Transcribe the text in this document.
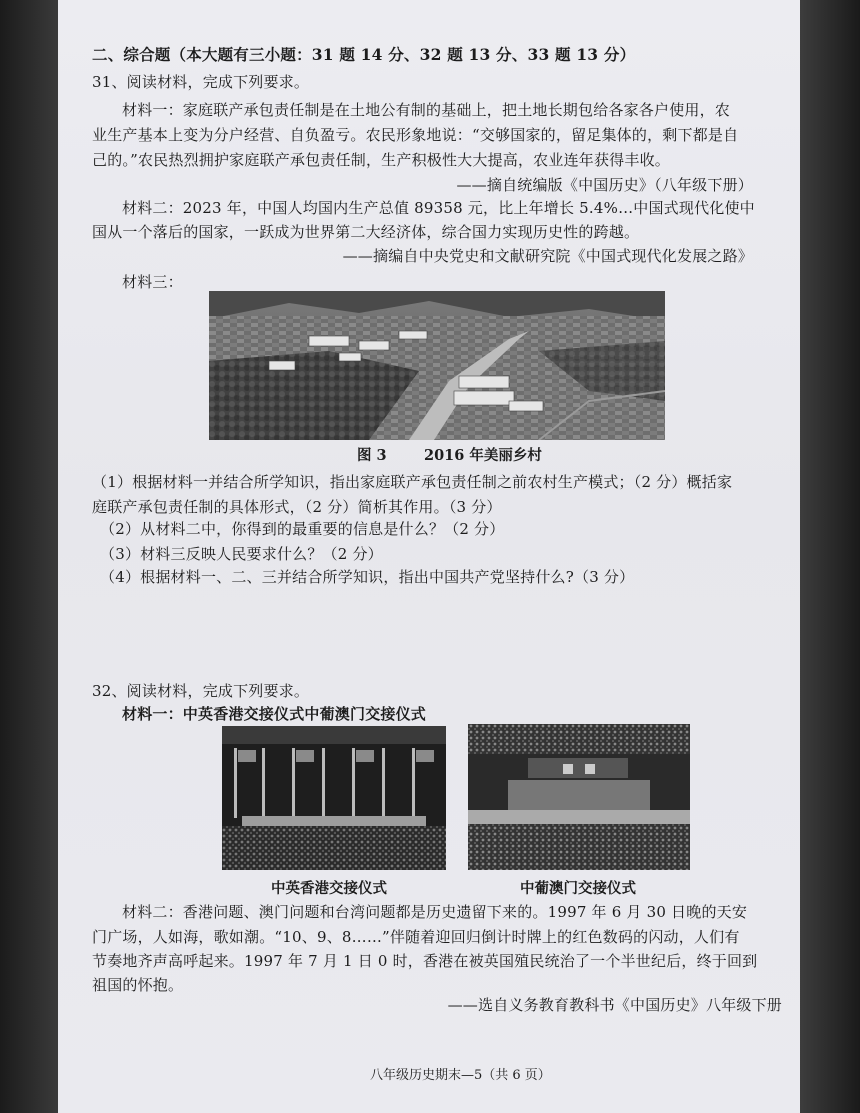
二、综合题（本大题有三小题：31 题 14 分、32 题 13 分、33 题 13 分）
31、阅读材料，完成下列要求。
材料一：家庭联产承包责任制是在土地公有制的基础上，把土地长期包给各家各户使用，农
业生产基本上变为分户经营、自负盈亏。农民形象地说：“交够国家的，留足集体的，剩下都是自
己的。”农民热烈拥护家庭联产承包责任制，生产积极性大大提高，农业连年获得丰收。
——摘自统编版《中国历史》（八年级下册）
材料二：2023 年，中国人均国内生产总值 89358 元，比上年增长 5.4%…中国式现代化使中
国从一个落后的国家，一跃成为世界第二大经济体，综合国力实现历史性的跨越。
——摘编自中央党史和文献研究院《中国式现代化发展之路》
材料三：
图 3	2016 年美丽乡村
（1）根据材料一并结合所学知识，指出家庭联产承包责任制之前农村生产模式；（2 分）概括家
庭联产承包责任制的具体形式，（2 分）简析其作用。（3 分）
（2）从材料二中，你得到的最重要的信息是什么？（2 分）
（3）材料三反映人民要求什么？（2 分）
（4）根据材料一、二、三并结合所学知识，指出中国共产党坚持什么?（3 分）
32、阅读材料，完成下列要求。
材料一：中英香港交接仪式中葡澳门交接仪式
中英香港交接仪式	中葡澳门交接仪式
材料二：香港问题、澳门问题和台湾问题都是历史遗留下来的。1997 年 6 月 30 日晚的天安
门广场，人如海，歌如潮。“10、9、8……”伴随着迎回归倒计时牌上的红色数码的闪动，人们有
节奏地齐声高呼起来。1997 年 7 月 1 日 0 时，香港在被英国殖民统治了一个半世纪后，终于回到
祖国的怀抱。
——选自义务教育教科书《中国历史》八年级下册
八年级历史期末—5（共 6 页）
